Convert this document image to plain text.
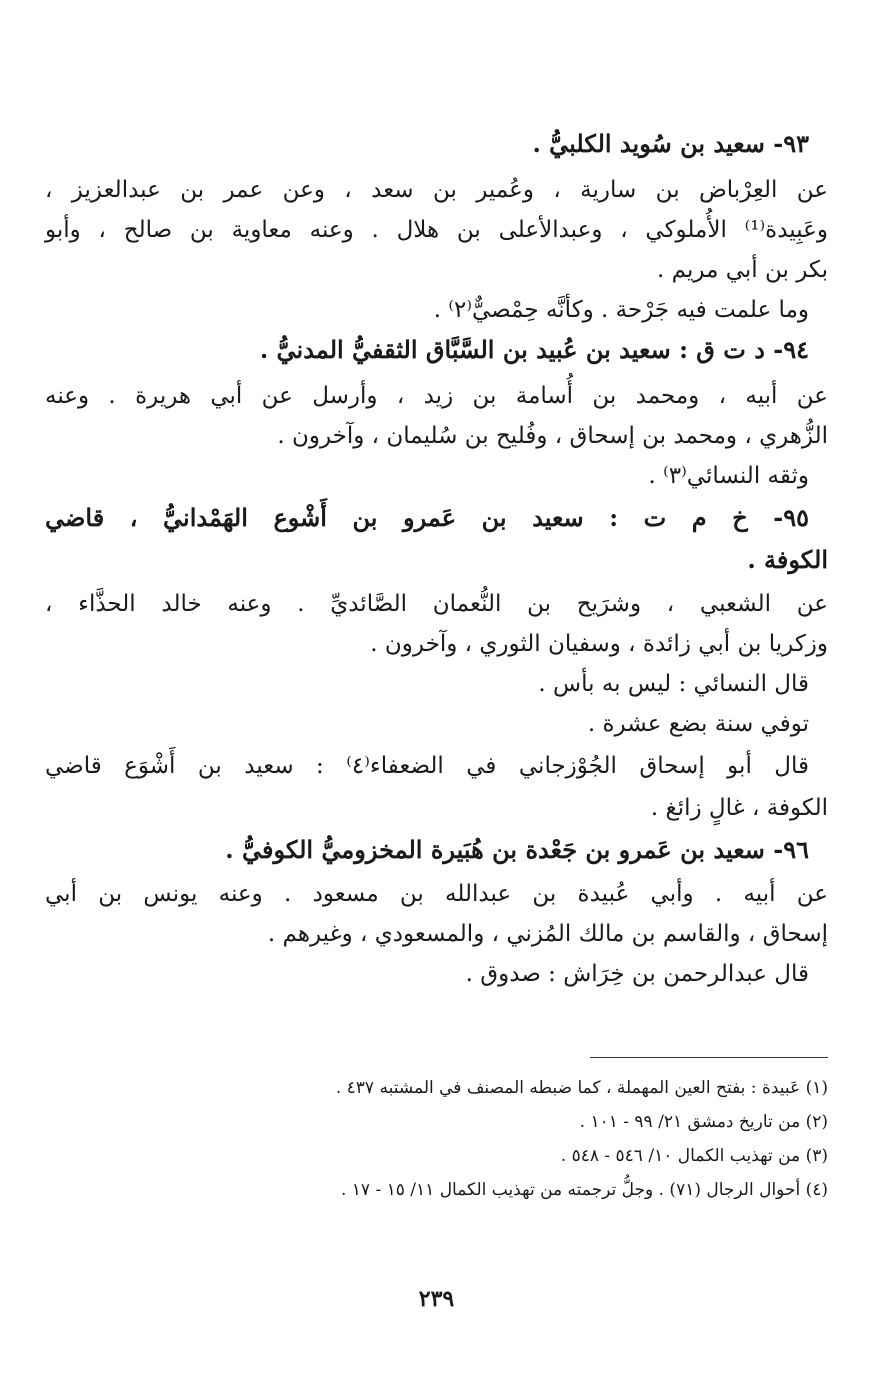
٩٣- سعيد بن سُويد الكلبيُّ .
عن العِرْباض بن سارية ، وعُمير بن سعد ، وعن عمر بن عبدالعزيز ،
وعَبِيدة⁽¹⁾ الأُملوكي ، وعبدالأعلى بن هلال . وعنه معاوية بن صالح ، وأبو
بكر بن أبي مريم .
وما علمت فيه جَرْحة . وكأنَّه حِمْصيٌّ⁽٢⁾ .
٩٤- د ت ق : سعيد بن عُبيد بن السَّبَّاق الثقفيُّ المدنيُّ .
عن أبيه ، ومحمد بن أُسامة بن زيد ، وأرسل عن أبي هريرة . وعنه
الزُّهري ، ومحمد بن إسحاق ، وفُليح بن سُليمان ، وآخرون .
وثقه النسائي⁽٣⁾ .
٩٥- خ م ت : سعيد بن عَمرو بن أَشْوع الهَمْدانيُّ ، قاضي
الكوفة .
عن الشعبي ، وشرَيح بن النُّعمان الصَّائديِّ . وعنه خالد الحذَّاء ،
وزكريا بن أبي زائدة ، وسفيان الثوري ، وآخرون .
قال النسائي : ليس به بأس .
توفي سنة بضع عشرة .
قال أبو إسحاق الجُوْزجاني في الضعفاء⁽٤⁾ : سعيد بن أَشْوَع قاضي
الكوفة ، غالٍ زائغ .
٩٦- سعيد بن عَمرو بن جَعْدة بن هُبَيرة المخزوميُّ الكوفيُّ .
عن أبيه . وأبي عُبيدة بن عبدالله بن مسعود . وعنه يونس بن أبي
إسحاق ، والقاسم بن مالك المُزني ، والمسعودي ، وغيرهم .
قال عبدالرحمن بن خِرَاش : صدوق .
(١) عَبيدة : بفتح العين المهملة ، كما ضبطه المصنف في المشتبه ٤٣٧ .
(٢) من تاريخ دمشق ٢١/ ٩٩ - ١٠١ .
(٣) من تهذيب الكمال ١٠/ ٥٤٦ - ٥٤٨ .
(٤) أحوال الرجال (٧١) . وجلُّ ترجمته من تهذيب الكمال ١١/ ١٥ - ١٧ .
٢٣٩
